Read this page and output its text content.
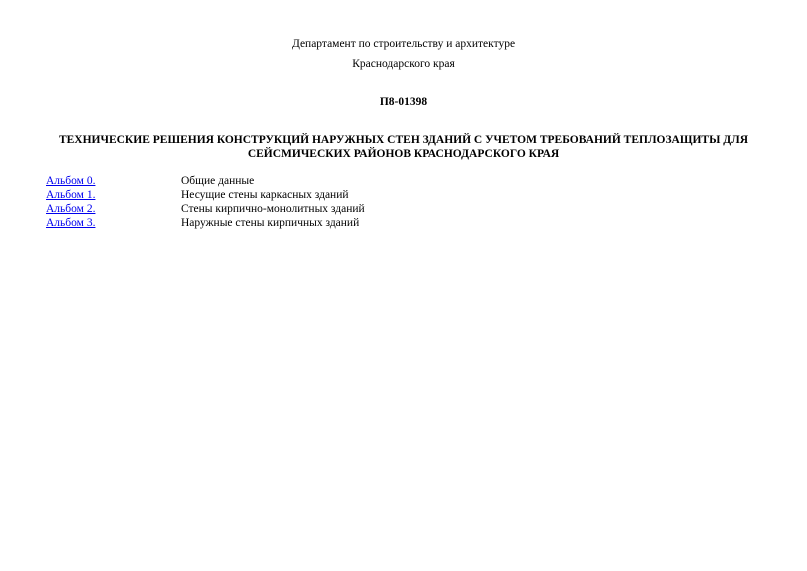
Департамент по строительству и архитектуре
Краснодарского края
П8-01398
ТЕХНИЧЕСКИЕ РЕШЕНИЯ КОНСТРУКЦИЙ НАРУЖНЫХ СТЕН ЗДАНИЙ С УЧЕТОМ ТРЕБОВАНИЙ ТЕПЛОЗАЩИТЫ ДЛЯ СЕЙСМИЧЕСКИХ РАЙОНОВ КРАСНОДАРСКОГО КРАЯ
Альбом 0.	Общие данные
Альбом 1.	Несущие стены каркасных зданий
Альбом 2.	Стены кирпично-монолитных зданий
Альбом 3.	Наружные стены кирпичных зданий
